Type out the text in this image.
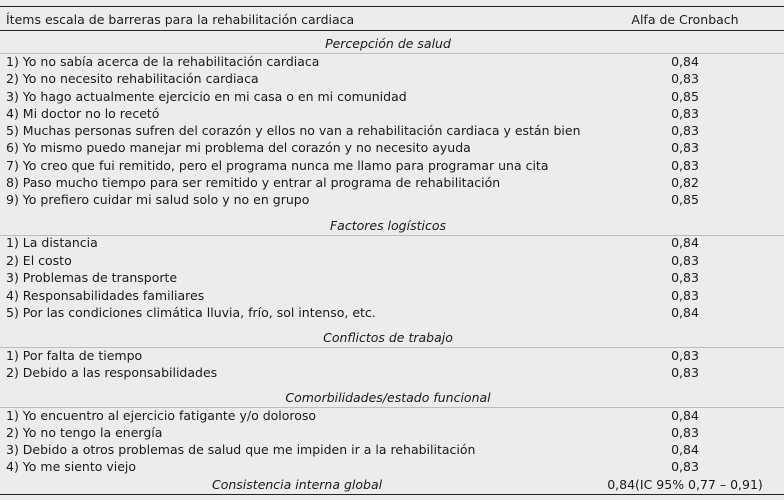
Ítems escala de barreras para la rehabilitación cardiaca	Alfa de Cronbach
Percepción de salud
1) Yo no sabía acerca de la rehabilitación cardiaca	0,84
2) Yo no necesito rehabilitación cardiaca	0,83
3) Yo hago actualmente ejercicio en mi casa o en mi comunidad	0,85
4) Mi doctor no lo recetó	0,83
5) Muchas personas sufren del corazón y ellos no van a rehabilitación cardiaca y están bien	0,83
6) Yo mismo puedo manejar mi problema del corazón y no necesito ayuda	0,83
7) Yo creo que fui remitido, pero el programa nunca me llamo para programar una cita	0,83
8) Paso mucho tiempo para ser remitido y entrar al programa de rehabilitación	0,82
9) Yo prefiero cuidar mi salud solo y no en grupo	0,85
Factores logísticos
1) La distancia	0,84
2) El costo	0,83
3) Problemas de transporte	0,83
4) Responsabilidades familiares	0,83
5) Por las condiciones climática lluvia, frío, sol intenso, etc.	0,84
Conflictos de trabajo
1) Por falta de tiempo	0,83
2) Debido a las responsabilidades	0,83
Comorbilidades/estado funcional
1) Yo encuentro al ejercicio fatigante y/o doloroso	0,84
2) Yo no tengo la energía	0,83
3) Debido a otros problemas de salud que me impiden ir a la rehabilitación	0,84
4) Yo me siento viejo	0,83
Consistencia interna global	0,84(IC 95% 0,77 – 0,91)
